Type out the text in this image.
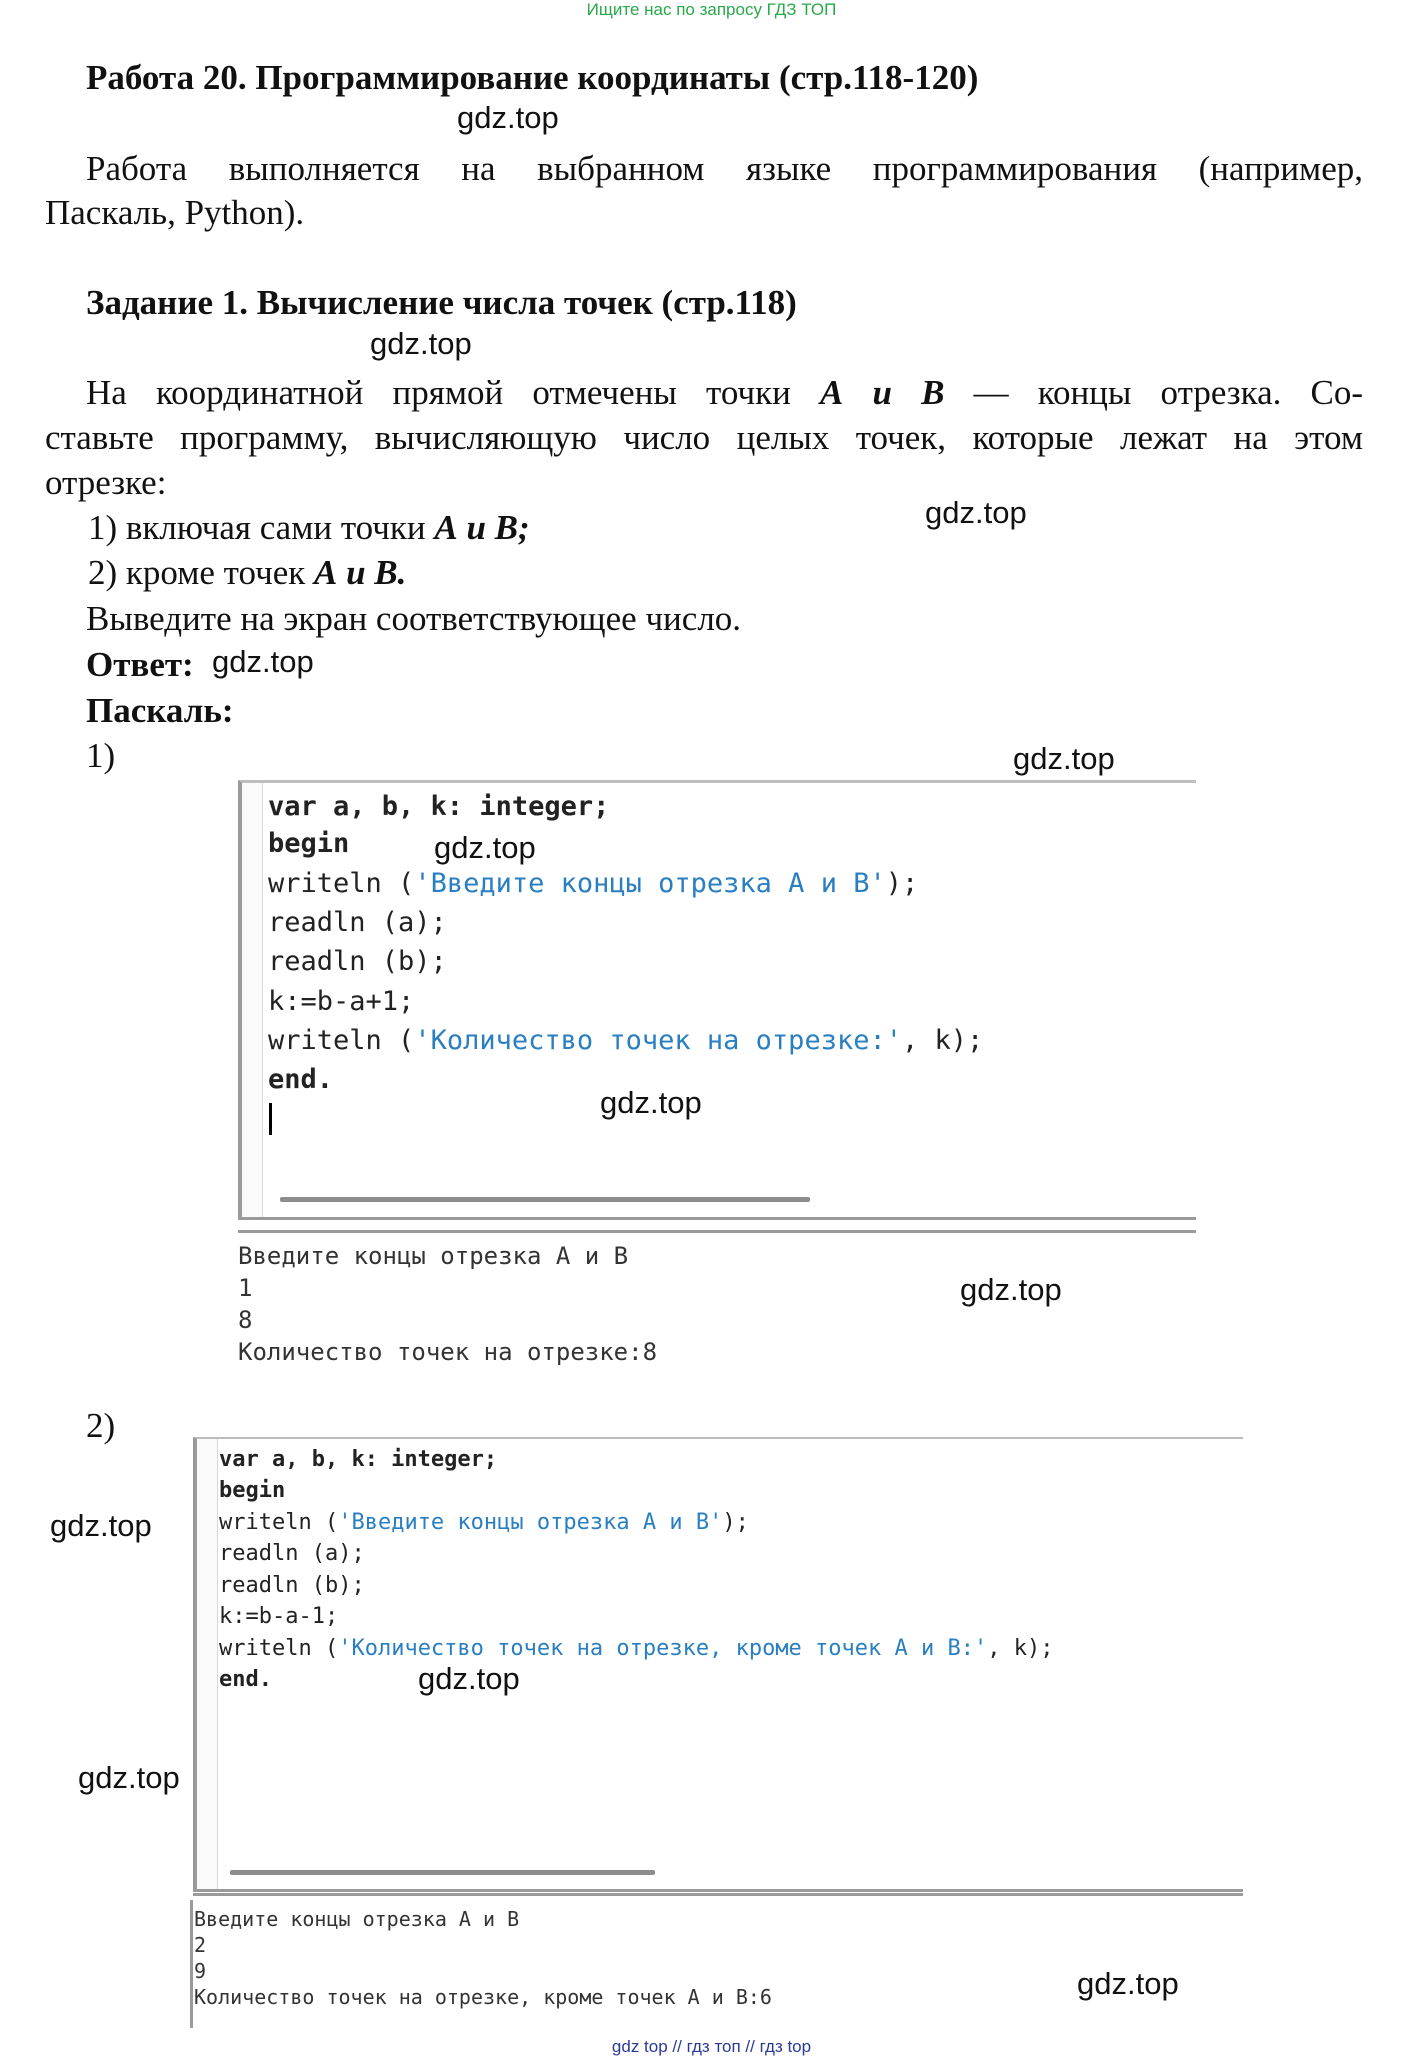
Ищите нас по запросу ГДЗ ТОП
Работа 20. Программирование координаты (стр.118-120)
gdz.top
Работа выполняется на выбранном языке программирования (например,
Паскаль, Python).
Задание 1. Вычисление числа точек (стр.118)
gdz.top
На координатной прямой отмечены точки А и В — концы отрезка. Со-
ставьте программу, вычисляющую число целых точек, которые лежат на этом
отрезке:
1) включая сами точки А и В;	gdz.top
2) кроме точек А и В.
Выведите на экран соответствующее число.
Ответ: gdz.top
Паскаль:
1)	gdz.top
var a, b, k: integer;
begin	gdz.top
writeln ('Введите концы отрезка А и В');
readln (a);
readln (b);
k:=b-a+1;
writeln ('Количество точек на отрезке:', k);
end.
gdz.top
Введите концы отрезка А и В
1
8
Количество точек на отрезке:8
gdz.top
2)
gdz.top
var a, b, k: integer;
begin
writeln ('Введите концы отрезка А и В');
readln (a);
readln (b);
k:=b-a-1;
writeln ('Количество точек на отрезке, кроме точек А и В:', k);
end.	gdz.top
gdz.top
Введите концы отрезка А и В
2
9
Количество точек на отрезке, кроме точек А и В:6	gdz.top
gdz top // гдз топ // гдз top
